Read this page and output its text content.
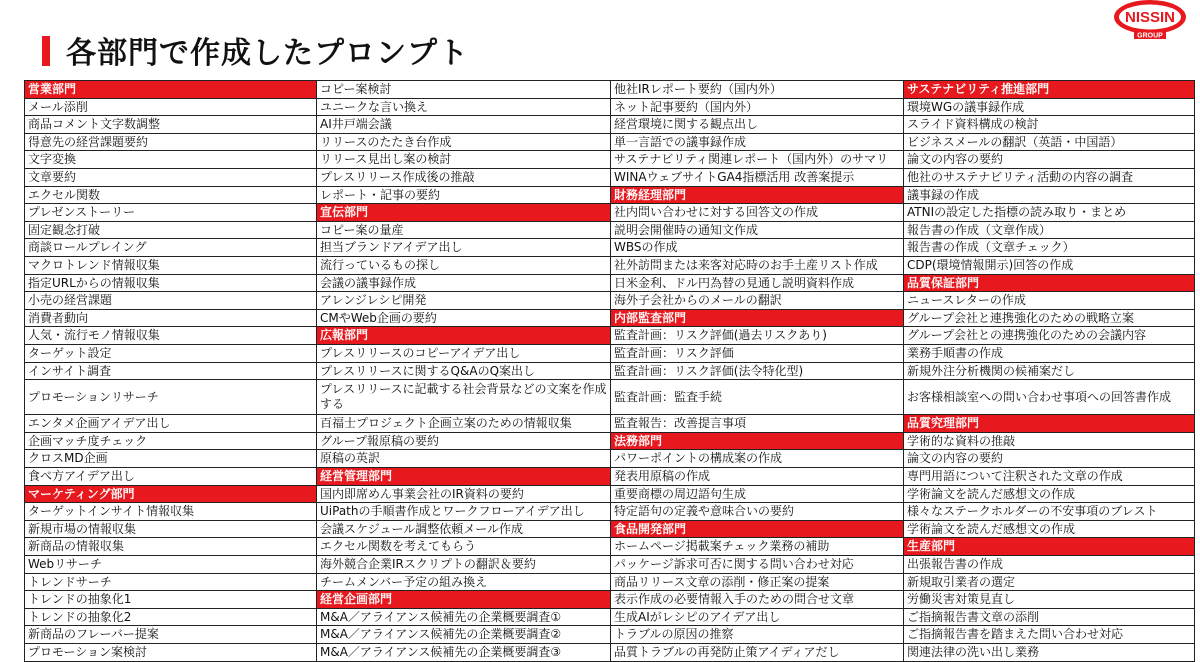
各部門で作成したプロンプト
NISSIN
GROUP
営業部門
メール添削
商品コメント文字数調整
得意先の経営課題要約
文字変換
文章要約
エクセル関数
プレゼンストーリー
固定観念打破
商談ロールプレイング
マクロトレンド情報収集
指定URLからの情報収集
小売の経営課題
消費者動向
人気・流行モノ情報収集
ターゲット設定
インサイト調査
プロモーションリサーチ
エンタメ企画アイデア出し
企画マッチ度チェック
クロスMD企画
食べ方アイデア出し
マーケティング部門
ターゲットインサイト情報収集
新規市場の情報収集
新商品の情報収集
Webリサーチ
トレンドサーチ
トレンドの抽象化1
トレンドの抽象化2
新商品のフレーバー提案
プロモーション案検討
コピー案検討
ユニークな言い換え
AI井戸端会議
リリースのたたき台作成
リリース見出し案の検討
プレスリリース作成後の推敲
レポート・記事の要約
宣伝部門
コピー案の量産
担当ブランドアイデア出し
流行っているもの探し
会議の議事録作成
アレンジレシピ開発
CMやWeb企画の要約
広報部門
プレスリリースのコピーアイデア出し
プレスリリースに関するQ&AのQ案出し
プレスリリースに記載する社会背景などの文案を作成する
百福士プロジェクト企画立案のための情報収集
グループ報原稿の要約
原稿の英訳
経営管理部門
国内即席めん事業会社のIR資料の要約
UiPathの手順書作成とワークフローアイデア出し
会議スケジュール調整依頼メール作成
エクセル関数を考えてもらう
海外競合企業IRスクリプトの翻訳＆要約
チームメンバー予定の組み換え
経営企画部門
M&A／アライアンス候補先の企業概要調査①
M&A／アライアンス候補先の企業概要調査②
M&A／アライアンス候補先の企業概要調査③
他社IRレポート要約（国内外）
ネット記事要約（国内外）
経営環境に関する観点出し
単一言語での議事録作成
サステナビリティ関連レポート（国内外）のサマリ
WINAウェブサイトGA4指標活用 改善案提示
財務経理部門
社内問い合わせに対する回答文の作成
説明会開催時の通知文作成
WBSの作成
社外訪問または来客対応時のお手土産リスト作成
日米金利、ドル円為替の見通し説明資料作成
海外子会社からのメールの翻訳
内部監査部門
監査計画：リスク評価(過去リスクあり)
監査計画：リスク評価
監査計画：リスク評価(法令特化型)
監査計画：監査手続
監査報告：改善提言事項
法務部門
パワーポイントの構成案の作成
発表用原稿の作成
重要商標の周辺語句生成
特定語句の定義や意味合いの要約
食品開発部門
ホームページ掲載案チェック業務の補助
パッケージ訴求可否に関する問い合わせ対応
商品リリース文章の添削・修正案の提案
表示作成の必要情報入手のための問合せ文章
生成AIがレシピのアイデア出し
トラブルの原因の推察
品質トラブルの再発防止策アイディアだし
サステナビリティ推進部門
環境WGの議事録作成
スライド資料構成の検討
ビジネスメールの翻訳（英語・中国語）
論文の内容の要約
他社のサステナビリティ活動の内容の調査
議事録の作成
ATNIの設定した指標の読み取り・まとめ
報告書の作成（文章作成）
報告書の作成（文章チェック）
CDP(環境情報開示)回答の作成
品質保証部門
ニュースレターの作成
グループ会社と連携強化のための戦略立案
グループ会社との連携強化のための会議内容
業務手順書の作成
新規外注分析機関の候補案だし
お客様相談室への問い合わせ事項への回答書作成
品質究理部門
学術的な資料の推敲
論文の内容の要約
専門用語について注釈された文章の作成
学術論文を読んだ感想文の作成
様々なステークホルダーの不安事項のブレスト
学術論文を読んだ感想文の作成
生産部門
出張報告書の作成
新規取引業者の選定
労働災害対策見直し
ご指摘報告書文章の添削
ご指摘報告書を踏まえた問い合わせ対応
関連法律の洗い出し業務
